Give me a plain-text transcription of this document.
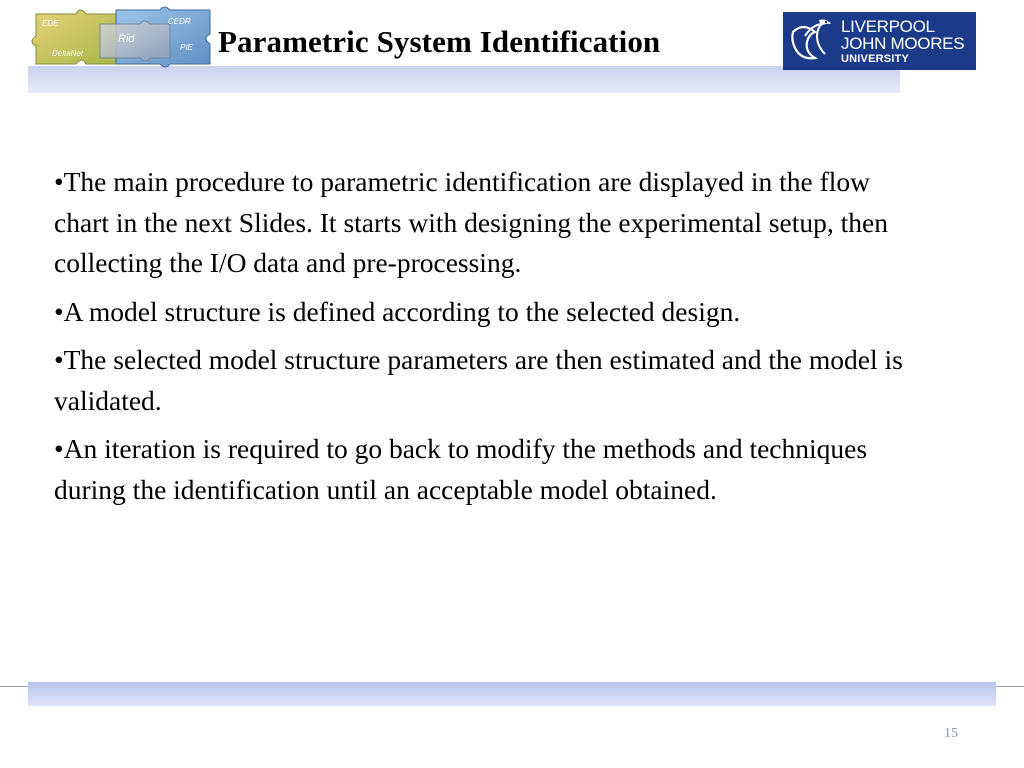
EDE	CEDR
Rid
PIE
DeltaNet	Parametric System Identification	LIVERPOOL
JOHN MOORES
UNIVERSITY

•The main procedure to parametric identification are displayed in the flow chart in the next Slides. It starts with designing the experimental setup, then collecting the I/O data and pre-processing.

•A model structure is defined according to the selected design.

•The selected model structure parameters are then estimated and the model is validated.

•An iteration is required to go back to modify the methods and techniques during the identification until an acceptable model obtained.

15
